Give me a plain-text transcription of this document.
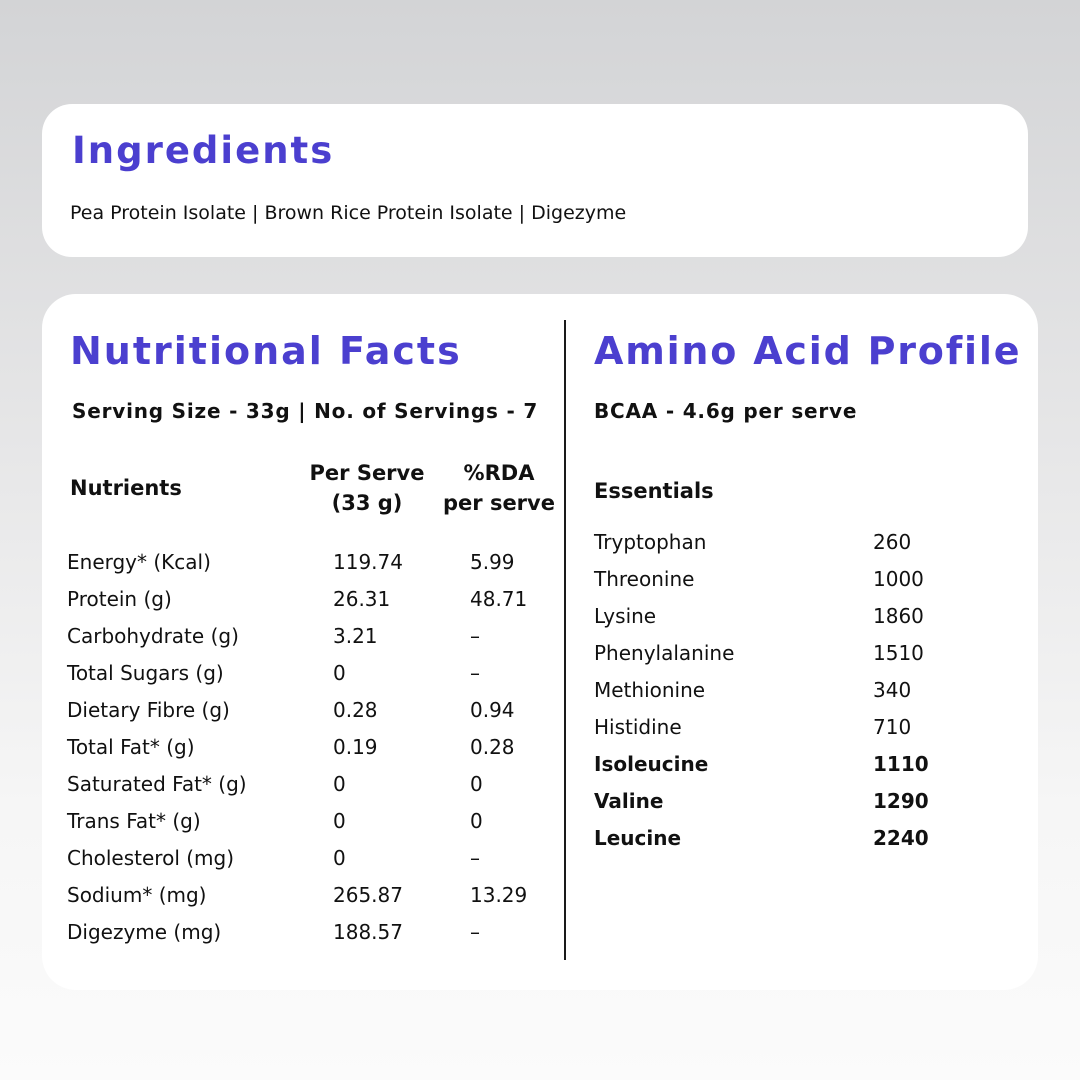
Ingredients
Pea Protein Isolate | Brown Rice Protein Isolate | Digezyme
Nutritional Facts
Serving Size - 33g | No. of Servings - 7
Nutrients
Per Serve
(33 g)
%RDA
per serve
Energy* (Kcal)	119.74	5.99
Protein (g)	26.31	48.71
Carbohydrate (g)	3.21	–
Total Sugars (g)	0	–
Dietary Fibre (g)	0.28	0.94
Total Fat* (g)	0.19	0.28
Saturated Fat* (g)	0	0
Trans Fat* (g)	0	0
Cholesterol (mg)	0	–
Sodium* (mg)	265.87	13.29
Digezyme (mg)	188.57	–
Amino Acid Profile
BCAA - 4.6g per serve
Essentials
Tryptophan	260
Threonine	1000
Lysine	1860
Phenylalanine	1510
Methionine	340
Histidine	710
Isoleucine	1110
Valine	1290
Leucine	2240
